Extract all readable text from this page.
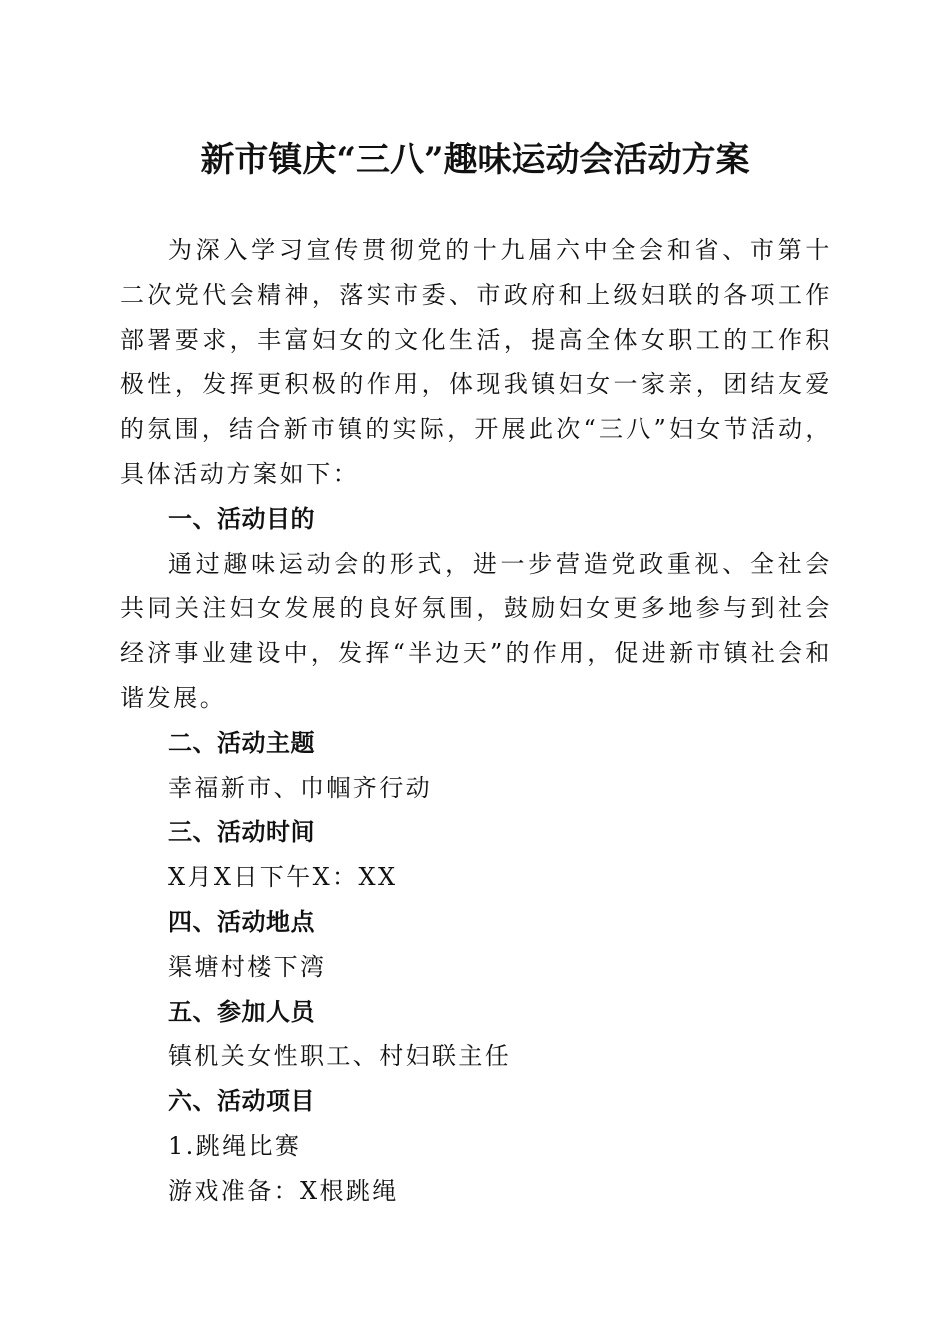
新市镇庆“三八”趣味运动会活动方案

为深入学习宣传贯彻党的十九届六中全会和省、市第十二次党代会精神，落实市委、市政府和上级妇联的各项工作部署要求，丰富妇女的文化生活，提高全体女职工的工作积极性，发挥更积极的作用，体现我镇妇女一家亲，团结友爱的氛围，结合新市镇的实际，开展此次“三八”妇女节活动，具体活动方案如下：

一、活动目的

通过趣味运动会的形式，进一步营造党政重视、全社会共同关注妇女发展的良好氛围，鼓励妇女更多地参与到社会经济事业建设中，发挥“半边天”的作用，促进新市镇社会和谐发展。

二、活动主题

幸福新市、巾帼齐行动

三、活动时间

X月X日下午X：XX

四、活动地点

渠塘村楼下湾

五、参加人员

镇机关女性职工、村妇联主任

六、活动项目

1.跳绳比赛

游戏准备：X根跳绳
